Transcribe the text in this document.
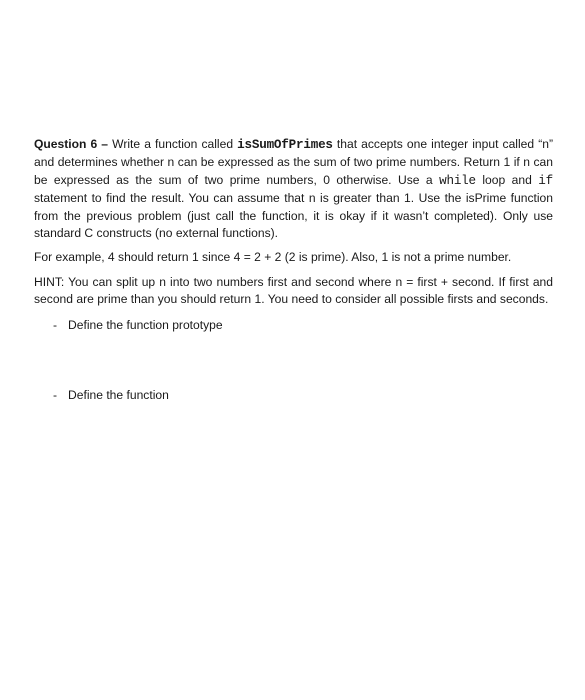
Question 6 – Write a function called isSumOfPrimes that accepts one integer input called “n” and determines whether n can be expressed as the sum of two prime numbers. Return 1 if n can be expressed as the sum of two prime numbers, 0 otherwise. Use a while loop and if statement to find the result. You can assume that n is greater than 1. Use the isPrime function from the previous problem (just call the function, it is okay if it wasn’t completed). Only use standard C constructs (no external functions).

For example, 4 should return 1 since 4 = 2 + 2 (2 is prime). Also, 1 is not a prime number.

HINT: You can split up n into two numbers first and second where n = first + second. If first and second are prime than you should return 1. You need to consider all possible firsts and seconds.

- Define the function prototype
- Define the function
